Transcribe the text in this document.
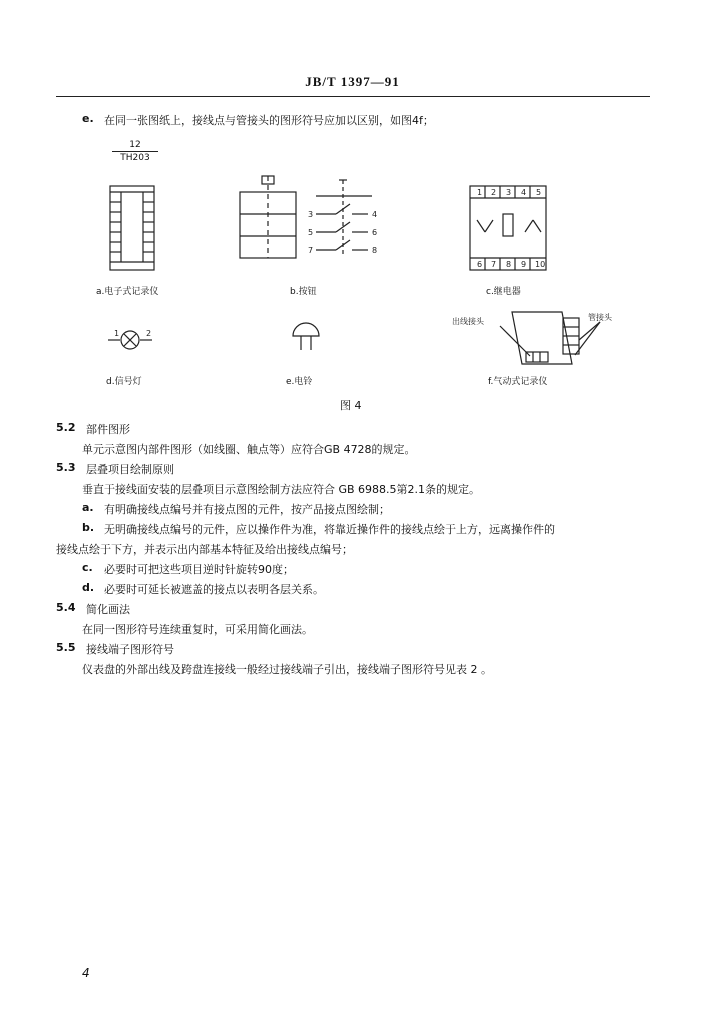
JB/T 1397—91
e. 在同一张图纸上，接线点与管接头的图形符号应加以区别，如图4f；
12
TH203
1 2 3 4 5
6 7 8 9 10
3	4
5	6
7	8
1	2
出线接头	管接头
a.电子式记录仪	b.按钮	c.继电器
d.信号灯	e.电铃	f.气动式记录仪
图 4
5.2 部件图形
单元示意图内部件图形（如线圈、触点等）应符合GB 4728的规定。
5.3 层叠项目绘制原则
垂直于接线面安装的层叠项目示意图绘制方法应符合 GB 6988.5第2.1条的规定。
a. 有明确接线点编号并有接点图的元件，按产品接点图绘制；
b. 无明确接线点编号的元件，应以操作件为准，将靠近操作件的接线点绘于上方，远离操作件的
接线点绘于下方，并表示出内部基本特征及给出接线点编号；
c. 必要时可把这些项目逆时针旋转90度；
d. 必要时可延长被遮盖的接点以表明各层关系。
5.4 简化画法
在同一图形符号连续重复时，可采用简化画法。
5.5 接线端子图形符号
仪表盘的外部出线及跨盘连接线一般经过接线端子引出，接线端子图形符号见表 2 。
4
